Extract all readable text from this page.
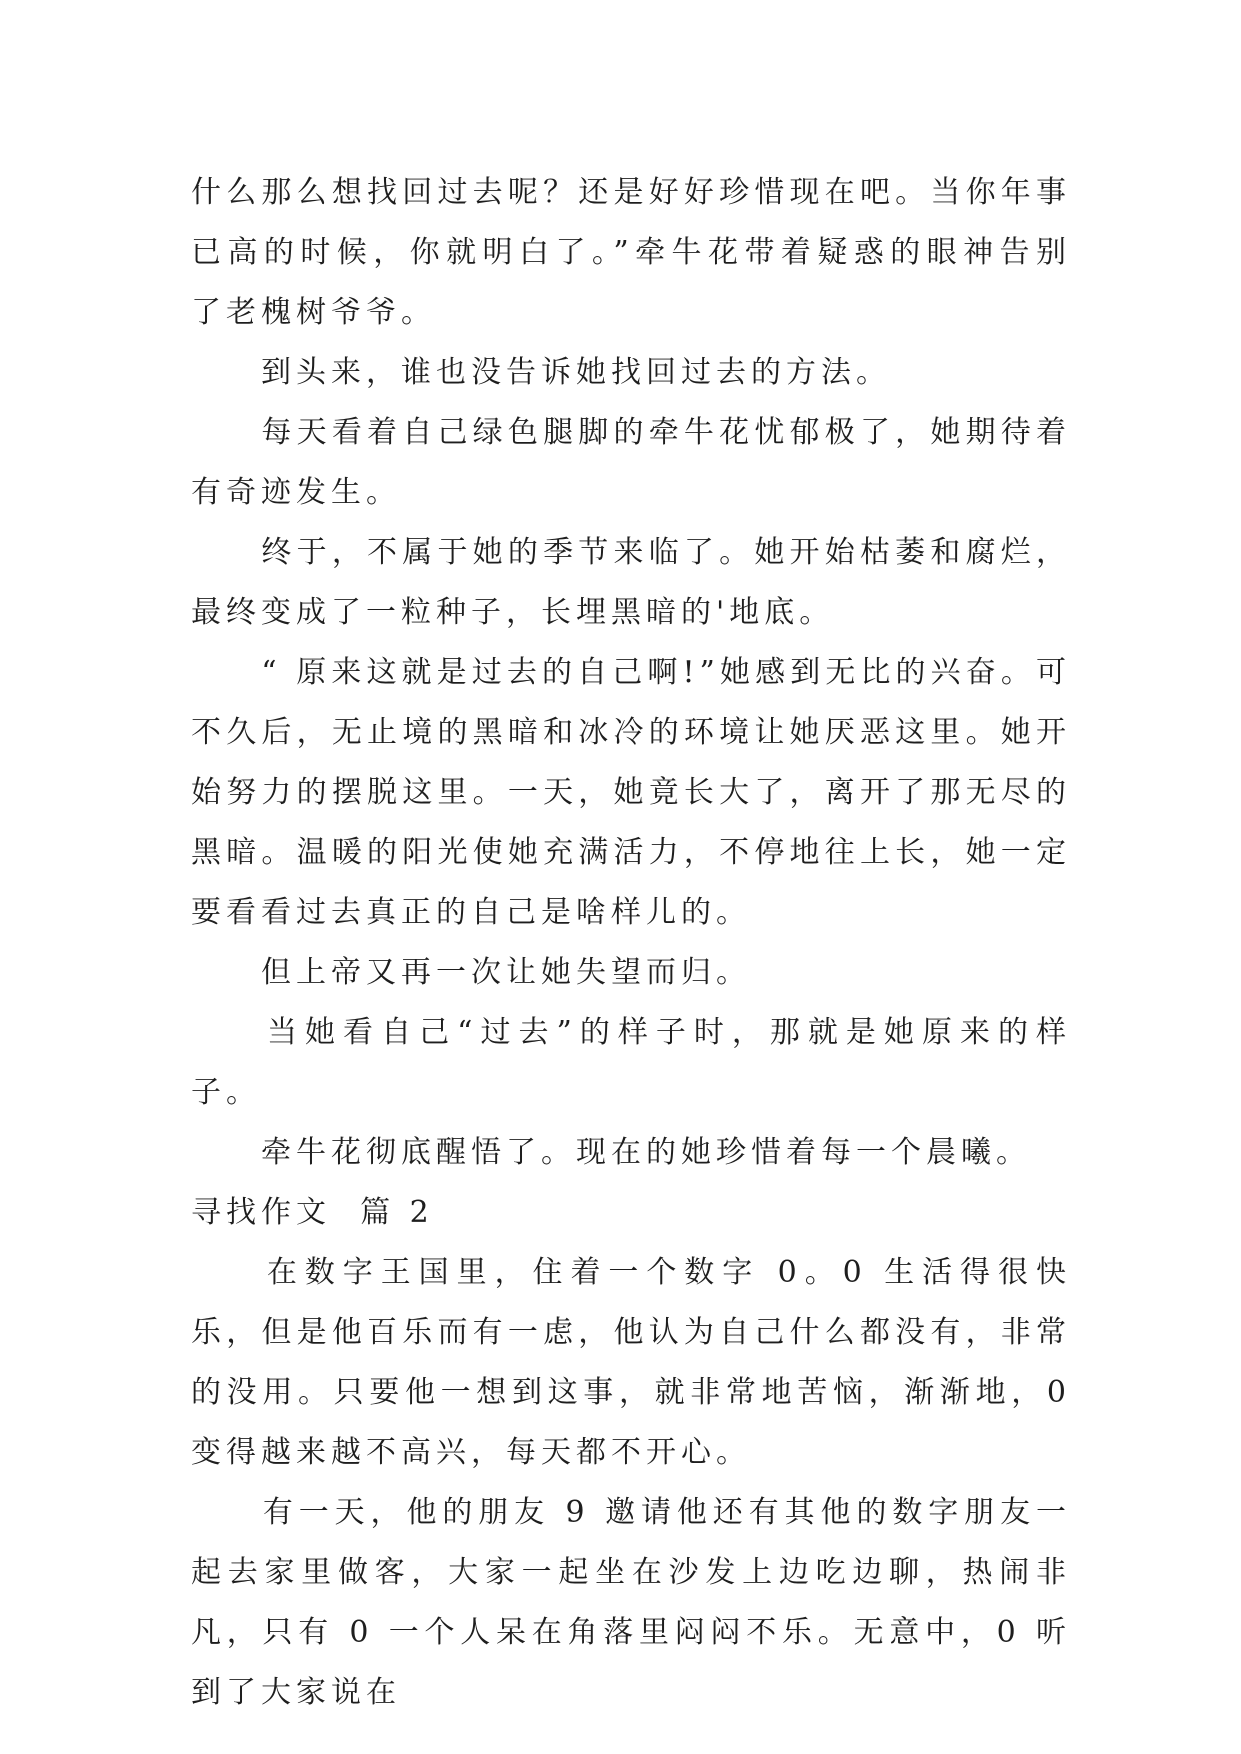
什么那么想找回过去呢？还是好好珍惜现在吧。当你年事已高的时候，你就明白了。”牵牛花带着疑惑的眼神告别了老槐树爷爷。

　　到头来，谁也没告诉她找回过去的方法。

　　每天看着自己绿色腿脚的牵牛花忧郁极了，她期待着有奇迹发生。

　　终于，不属于她的季节来临了。她开始枯萎和腐烂，最终变成了一粒种子，长埋黑暗的'地底。

　　“ 原来这就是过去的自己啊!”她感到无比的兴奋。可不久后，无止境的黑暗和冰冷的环境让她厌恶这里。她开始努力的摆脱这里。一天，她竟长大了，离开了那无尽的黑暗。温暖的阳光使她充满活力，不停地往上长，她一定要看看过去真正的自己是啥样儿的。

　　但上帝又再一次让她失望而归。

　　当她看自己“过去”的样子时，那就是她原来的样子。

　　牵牛花彻底醒悟了。现在的她珍惜着每一个晨曦。

寻找作文  篇 2

　　在数字王国里，住着一个数字 0。0 生活得很快乐，但是他百乐而有一虑，他认为自己什么都没有，非常的没用。只要他一想到这事，就非常地苦恼，渐渐地，0 变得越来越不高兴，每天都不开心。

　　有一天，他的朋友 9 邀请他还有其他的数字朋友一起去家里做客，大家一起坐在沙发上边吃边聊，热闹非凡，只有 0 一个人呆在角落里闷闷不乐。无意中，0 听到了大家说在
